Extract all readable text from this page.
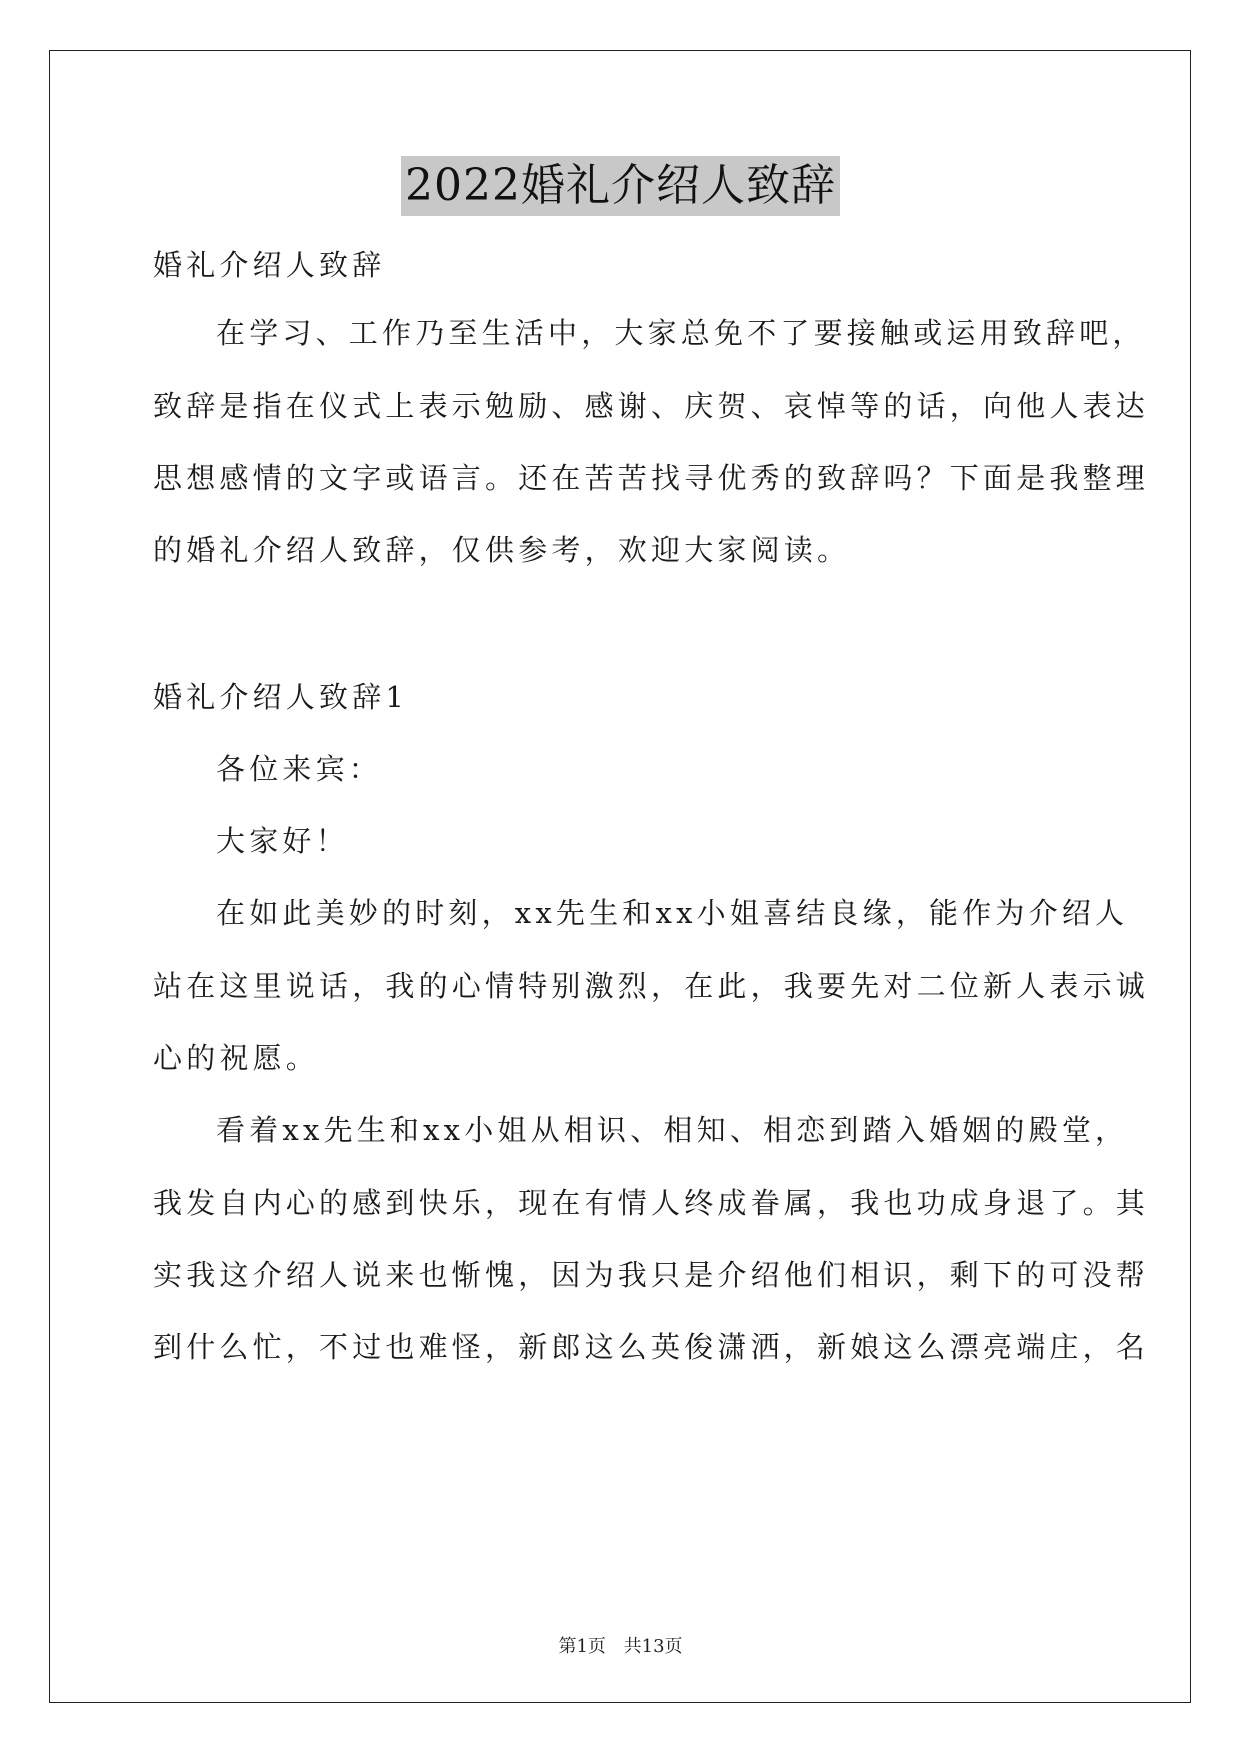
2022婚礼介绍人致辞
婚礼介绍人致辞
在学习、工作乃至生活中，大家总免不了要接触或运用致辞吧，
致辞是指在仪式上表示勉励、感谢、庆贺、哀悼等的话，向他人表达
思想感情的文字或语言。还在苦苦找寻优秀的致辞吗？下面是我整理
的婚礼介绍人致辞，仅供参考，欢迎大家阅读。
婚礼介绍人致辞1
各位来宾：
大家好！
在如此美妙的时刻，xx先生和xx小姐喜结良缘，能作为介绍人
站在这里说话，我的心情特别激烈，在此，我要先对二位新人表示诚
心的祝愿。
看着xx先生和xx小姐从相识、相知、相恋到踏入婚姻的殿堂，
我发自内心的感到快乐，现在有情人终成眷属，我也功成身退了。其
实我这介绍人说来也惭愧，因为我只是介绍他们相识，剩下的可没帮
到什么忙，不过也难怪，新郎这么英俊潇洒，新娘这么漂亮端庄，名
第1页 共13页
